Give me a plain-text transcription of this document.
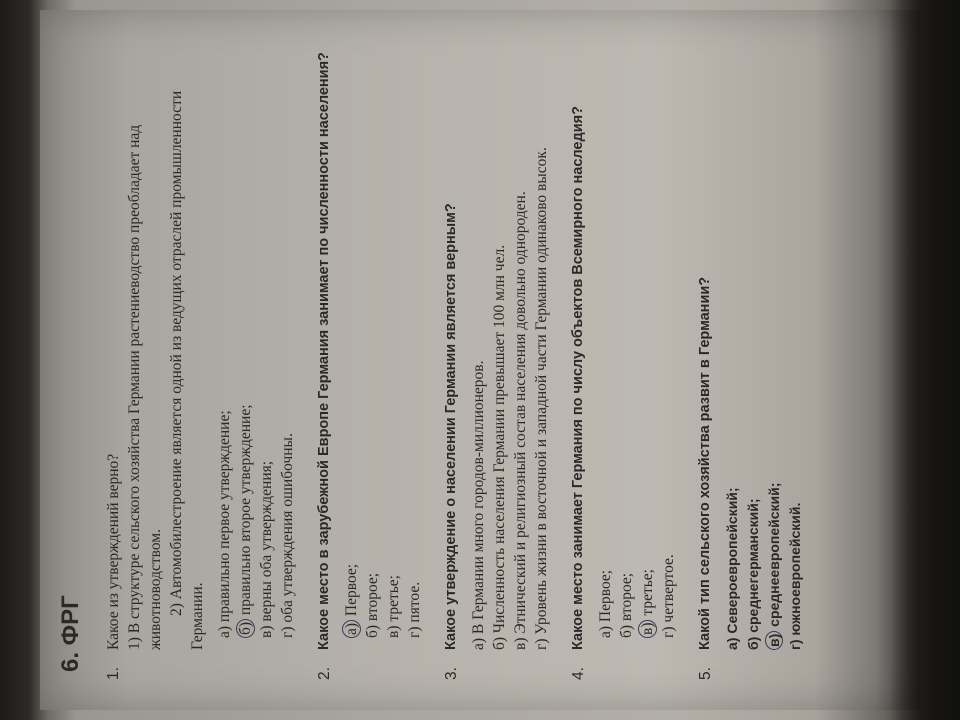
6. ФРГ
1.

Какое из утверждений верно? 1) В структуре сельского хозяйства Германии растениеводство преобладает над животноводством. 2) Автомобилестроение является одной из ведущих отраслей промышленности Германии. а) правильно первое утверждение;
б) правильно второе утверждение;
в) верны оба утверждения;
г) оба утверждения ошибочны.
2.

Какое место в зарубежной Европе Германия занимает по численности населения? а) Первое;
б) второе;
в) третье;
г) пятое.
3.

Какое утверждение о населении Германии является верным? а) В Германии много городов-миллионеров.
б) Численность населения Германии превышает 100 млн чел.
в) Этнический и религиозный состав населения довольно однороден.
г) Уровень жизни в восточной и западной части Германии одинаково высок.
4.

Какое место занимает Германия по числу объектов Всемирного наследия? а) Первое;
б) второе;
в) третье;
г) четвертое.
5.

Какой тип сельского хозяйства развит в Германии? а) Североевропейский;
б) среднегерманский;
в) среднеевропейский;
г) южноевропейский.
